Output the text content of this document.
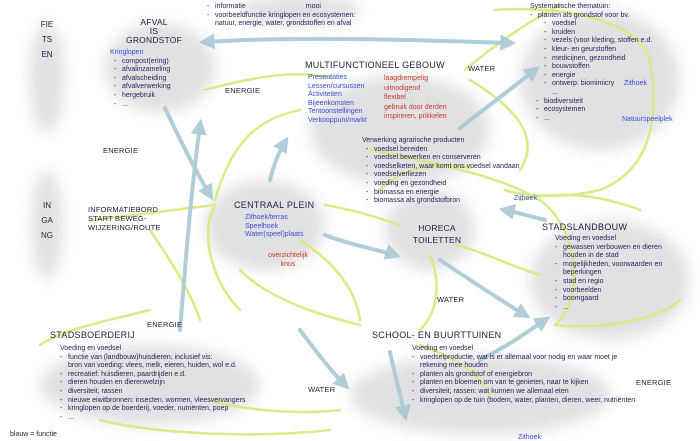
- informatie	mooi
- voorbeeldfunctie kringlopen en ecosystemen:
natuur, energie, water, grondstoffen en afval
FIETSEN
INGANG
AFVAL
IS
GRONDSTOF
Kringlopen
- compost(ering)
- afvalinzameling
- afvalscheiding
- afvalverwerking
- hergebruik
- ...
MULTIFUNCTIONEEL GEBOUW
Presentaties
Lessen/cursussen
Activiteiten
Bijeenkomsten
Tentoonstellingen
Verkooppunt/markt
laagdrempelig
uitnodigend
flexibel
gebruik door derden
inspireren, prikkelen
Verwerking agrarische producten
- voedsel bereiden
- voedsel bewerken en conserveren
- voedselketen, waar komt ons voedsel vandaan
- voedselverliezen
- voeding en gezondheid
- biomassa en energie
- biomassa als grondstofbron
Systematische thematuin:
- planten als grondstof voor bv.
- voedsel
- kruiden
- vezels (voor kleding, stoffen e.d.
- kleur- en geurstoffen
- medicijnen, gezondheid
- bouwstoffen
- energie
- ontwerp: biomimicry
...
- biodiversiteit
- ecosystemen
- ...
Zithoek
Natuurspeelplek
INFORMATIEBORD
START BEWEG-
WIJZERING/ROUTE
CENTRAAL PLEIN
Zithoek/terras
Speelhoek
Water(speel)plaats
overzichtelijk
knus
HORECA
TOILETTEN
Zithoek
STADSLANDBOUW
Voeding en voedsel
- gewassen verbouwen en dieren houden in de stad
- mogelijkheden, voorwaarden en beperkingen
- stad en regio
- voorbeelden
- boomgaard
- ...
STADSBOERDERIJ
Voeding en voedsel
- functie van (landbouw)huisdieren, inclusief vis:
bron van voeding: vlees, melk, eieren, huiden, wol e.d.
- recreatief: huisdieren, paardrijden e.d.
- dieren houden en dierenwelzijn
- diversiteit, rassen
- nieuwe eiwitbronnen: insecten, wormen, vleesvervangers
- kringlopen op de boerderij, voeder, nutriënten, poep
- ...
SCHOOL- EN BUURTTUINEN
Voeding en voedsel
- voedselproductie, wat is er allemaal voor nodig en waar moet je rekening mee houden
- planten als grondstof of energiebron
- planten en bloemen om van te genieten, naar te kijken
- diversiteit, rassen: wat kunnen we allemaal eten
- kringlopen op de tuin (bodem, water, planten, dieren, weer, nutriënten
Zithoek
ENERGIE
WATER
ENERGIE
WATER
ENERGIE
WATER
ENERGIE
blauw = functie
